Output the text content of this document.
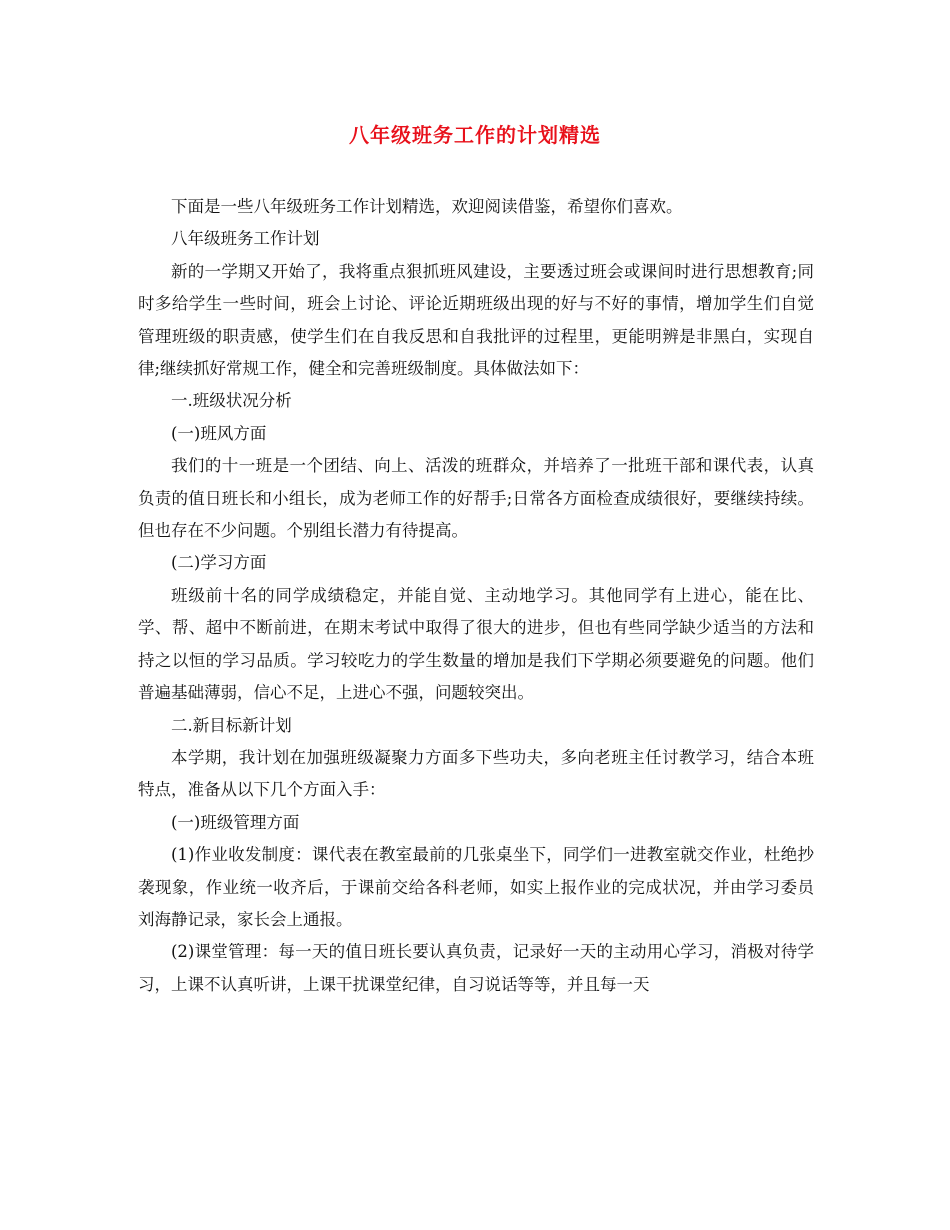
八年级班务工作的计划精选

下面是一些八年级班务工作计划精选，欢迎阅读借鉴，希望你们喜欢。

八年级班务工作计划

新的一学期又开始了，我将重点狠抓班风建设，主要透过班会或课间时进行思想教育;同时多给学生一些时间，班会上讨论、评论近期班级出现的好与不好的事情，增加学生们自觉管理班级的职责感，使学生们在自我反思和自我批评的过程里，更能明辨是非黑白，实现自律;继续抓好常规工作，健全和完善班级制度。具体做法如下：

一.班级状况分析

(一)班风方面

我们的十一班是一个团结、向上、活泼的班群众，并培养了一批班干部和课代表，认真负责的值日班长和小组长，成为老师工作的好帮手;日常各方面检查成绩很好，要继续持续。但也存在不少问题。个别组长潜力有待提高。

(二)学习方面

班级前十名的同学成绩稳定，并能自觉、主动地学习。其他同学有上进心，能在比、学、帮、超中不断前进，在期末考试中取得了很大的进步，但也有些同学缺少适当的方法和持之以恒的学习品质。学习较吃力的学生数量的增加是我们下学期必须要避免的问题。他们普遍基础薄弱，信心不足，上进心不强，问题较突出。

二.新目标新计划

本学期，我计划在加强班级凝聚力方面多下些功夫，多向老班主任讨教学习，结合本班特点，准备从以下几个方面入手：

(一)班级管理方面

(1)作业收发制度：课代表在教室最前的几张桌坐下，同学们一进教室就交作业，杜绝抄袭现象，作业统一收齐后，于课前交给各科老师，如实上报作业的完成状况，并由学习委员刘海静记录，家长会上通报。

(2)课堂管理：每一天的值日班长要认真负责，记录好一天的主动用心学习，消极对待学习，上课不认真听讲，上课干扰课堂纪律，自习说话等等，并且每一天
